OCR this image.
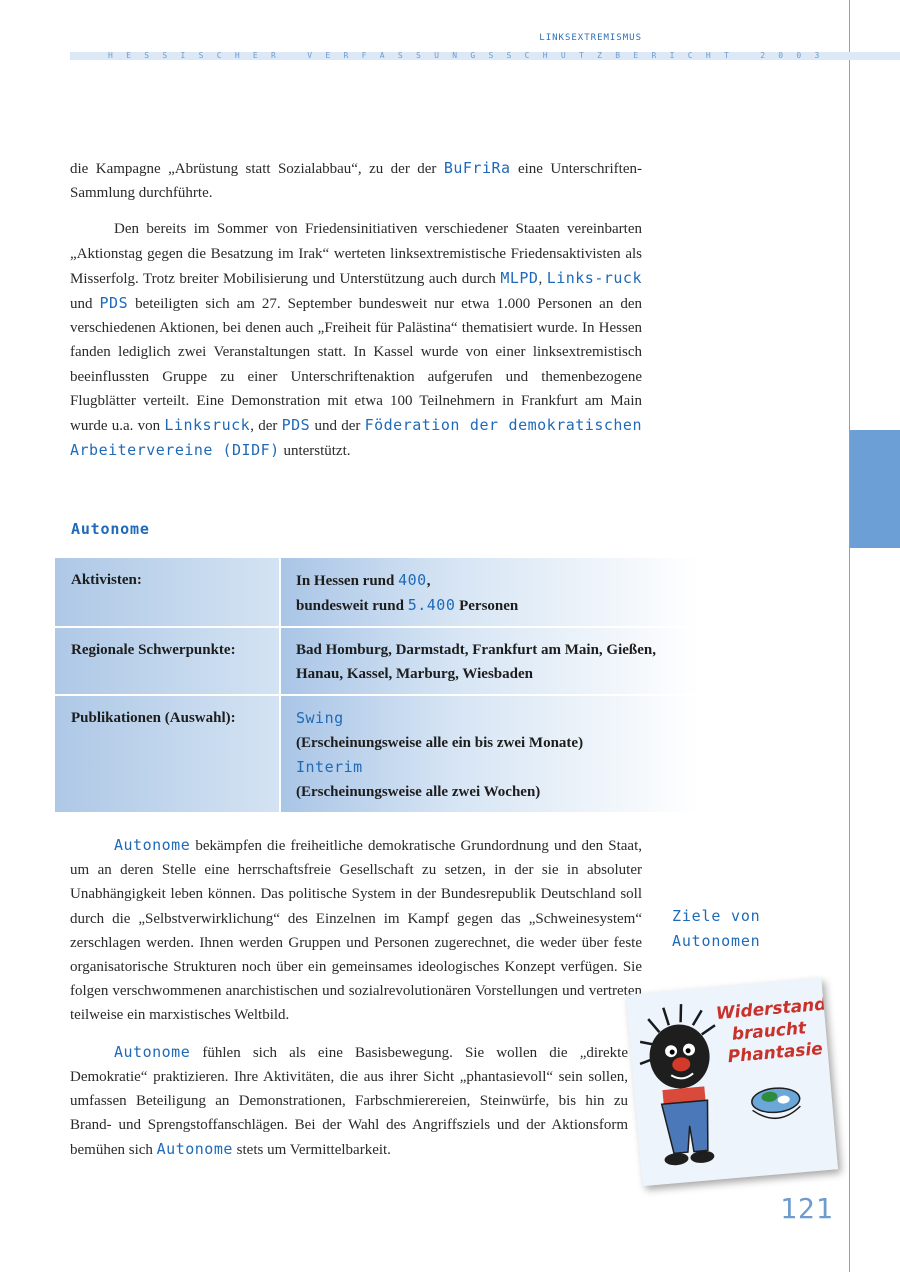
LINKSEXTREMISMUS
HESSISCHER VERFASSUNGSSCHUTZBERICHT 2003

die Kampagne „Abrüstung statt Sozialabbau“, zu der der BuFriRa eine Unterschriften-Sammlung durchführte.

Den bereits im Sommer von Friedensinitiativen verschiedener Staaten vereinbarten „Aktionstag gegen die Besatzung im Irak“ werteten linksextremistische Friedensaktivisten als Misserfolg. Trotz breiter Mobilisierung und Unterstützung auch durch MLPD, Links-ruck und PDS beteiligten sich am 27. September bundesweit nur etwa 1.000 Personen an den verschiedenen Aktionen, bei denen auch „Freiheit für Palästina“ thematisiert wurde. In Hessen fanden lediglich zwei Veranstaltungen statt. In Kassel wurde von einer linksextremistisch beeinflussten Gruppe zu einer Unterschriftenaktion aufgerufen und themenbezogene Flugblätter verteilt. Eine Demonstration mit etwa 100 Teilnehmern in Frankfurt am Main wurde u.a. von Linksruck, der PDS und der Föderation der demokratischen Arbeitervereine (DIDF) unterstützt.

Autonome
Aktivisten:	In Hessen rund 400,
bundesweit rund 5.400 Personen
Regionale Schwerpunkte:	Bad Homburg, Darmstadt, Frankfurt am Main, Gießen, Hanau, Kassel, Marburg, Wiesbaden
Publikationen (Auswahl):	Swing
(Erscheinungsweise alle ein bis zwei Monate)
Interim
(Erscheinungsweise alle zwei Wochen)

Autonome bekämpfen die freiheitliche demokratische Grundordnung und den Staat, um an deren Stelle eine herrschaftsfreie Gesellschaft zu setzen, in der sie in absoluter Unabhängigkeit leben können. Das politische System in der Bundesrepublik Deutschland soll durch die „Selbstverwirklichung“ des Einzelnen im Kampf gegen das „Schweinesystem“ zerschlagen werden. Ihnen werden Gruppen und Personen zugerechnet, die weder über feste organisatorische Strukturen noch über ein gemeinsames ideologisches Konzept verfügen. Sie folgen verschwommenen anarchistischen und sozialrevolutionären Vorstellungen und vertreten teilweise ein marxistisches Weltbild.

Autonome fühlen sich als eine Basisbewegung. Sie wollen die „direkte Demokratie“ praktizieren. Ihre Aktivitäten, die aus ihrer Sicht „phantasievoll“ sein sollen, umfassen Beteiligung an Demonstrationen, Farbschmierereien, Steinwürfe, bis hin zu Brand- und Sprengstoffanschlägen. Bei der Wahl des Angriffsziels und der Aktionsform bemühen sich Autonome stets um Vermittelbarkeit.

Ziele von
Autonomen
Widerstand
braucht
Phantasie
121
